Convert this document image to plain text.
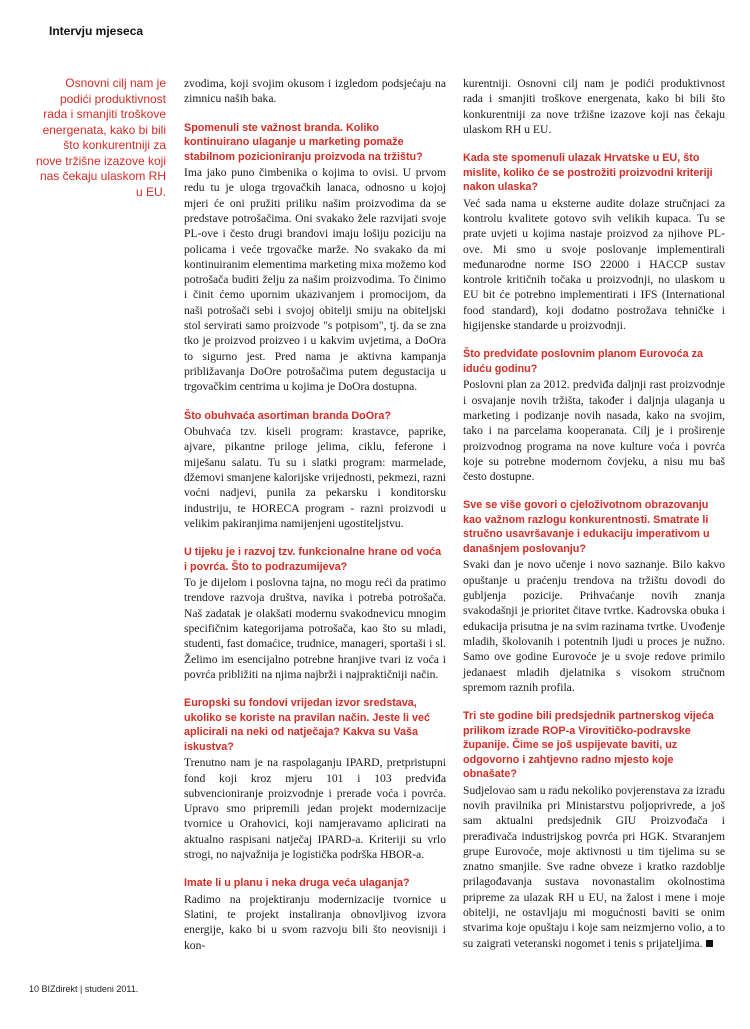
Intervju mjeseca
Osnovni cilj nam je podići produktivnost rada i smanjiti troškove energenata, kako bi bili što konkurentniji za nove tržišne izazove koji nas čekaju ulaskom RH u EU.

zvodima, koji svojim okusom i izgledom podsjećaju na zimnicu naših baka.

Spomenuli ste važnost branda. Koliko kontinuirano ulaganje u marketing pomaže stabilnom pozicioniranju proizvoda na tržištu?

Ima jako puno čimbenika o kojima to ovisi. U prvom redu tu je uloga trgovačkih lanaca, odnosno u kojoj mjeri će oni pružiti priliku našim proizvodima da se predstave potrošačima. Oni svakako žele razvijati svoje PL-ove i često drugi brandovi imaju lošiju poziciju na policama i veće trgovačke marže. No svakako da mi kontinuiranim elementima marketing mixa možemo kod potrošača buditi želju za našim proizvodima. To činimo i činit ćemo upornim ukazivanjem i promocijom, da naši potrošači sebi i svojoj obitelji smiju na obiteljski stol servirati samo proizvode "s potpisom", tj. da se zna tko je proizvod proizveo i u kakvim uvjetima, a DoOra to sigurno jest. Pred nama je aktivna kampanja približavanja DoOre potrošačima putem degustacija u trgovačkim centrima u kojima je DoOra dostupna.

Što obuhvaća asortiman branda DoOra?

Obuhvaća tzv. kiseli program: krastavce, paprike, ajvare, pikantne priloge jelima, ciklu, feferone i miješanu salatu. Tu su i slatki program: marmelade, džemovi smanjene kalorijske vrijednosti, pekmezi, razni voćni nadjevi, punila za pekarsku i konditorsku industriju, te HORECA program - razni proizvodi u velikim pakiranjima namijenjeni ugostiteljstvu.

U tijeku je i razvoj tzv. funkcionalne hrane od voća i povrća. Što to podrazumijeva?

To je dijelom i poslovna tajna, no mogu reći da pratimo trendove razvoja društva, navika i potreba potrošača. Naš zadatak je olakšati modernu svakodnevicu mnogim specifičnim kategorijama potrošača, kao što su mladi, studenti, fast domaćice, trudnice, manageri, sportaši i sl. Želimo im esencijalno potrebne hranjive tvari iz voća i povrća približiti na njima najbrži i najpraktičniji način.

Europski su fondovi vrijedan izvor sredstava, ukoliko se koriste na pravilan način. Jeste li već aplicirali na neki od natječaja? Kakva su Vaša iskustva?

Trenutno nam je na raspolaganju IPARD, pretpristupni fond koji kroz mjeru 101 i 103 predviđa subvencioniranje proizvodnje i prerade voća i povrća. Upravo smo pripremili jedan projekt modernizacije tvornice u Orahovici, koji namjeravamo aplicirati na aktualno raspisani natječaj IPARD-a. Kriteriji su vrlo strogi, no najvažnija je logistička podrška HBOR-a.

Imate li u planu i neka druga veća ulaganja?

Radimo na projektiranju modernizacije tvornice u Slatini, te projekt instaliranja obnovljivog izvora energije, kako bi u svom razvoju bili što neovisniji i kon-

kurentniji. Osnovni cilj nam je podići produktivnost rada i smanjiti troškove energenata, kako bi bili što konkurentniji za nove tržišne izazove koji nas čekaju ulaskom RH u EU.

Kada ste spomenuli ulazak Hrvatske u EU, što mislite, koliko će se postrožiti proizvodni kriteriji nakon ulaska?

Već sada nama u eksterne audite dolaze stručnjaci za kontrolu kvalitete gotovo svih velikih kupaca. Tu se prate uvjeti u kojima nastaje proizvod za njihove PL-ove. Mi smo u svoje poslovanje implementirali međunarodne norme ISO 22000 i HACCP sustav kontrole kritičnih točaka u proizvodnji, no ulaskom u EU bit će potrebno implementirati i IFS (International food standard), koji dodatno postrožava tehničke i higijenske standarde u proizvodnji.

Što predviđate poslovnim planom Eurovoća za iduću godinu?

Poslovni plan za 2012. predviđa daljnji rast proizvodnje i osvajanje novih tržišta, također i daljnja ulaganja u marketing i podizanje novih nasada, kako na svojim, tako i na parcelama kooperanata. Cilj je i proširenje proizvodnog programa na nove kulture voća i povrća koje su potrebne modernom čovjeku, a nisu mu baš često dostupne.

Sve se više govori o cjeloživotnom obrazovanju kao važnom razlogu konkurentnosti. Smatrate li stručno usavršavanje i edukaciju imperativom u današnjem poslovanju?

Svaki dan je novo učenje i novo saznanje. Bilo kakvo opuštanje u praćenju trendova na tržištu dovodi do gubljenja pozicije. Prihvaćanje novih znanja svakodašnji je prioritet čitave tvrtke. Kadrovska obuka i edukacija prisutna je na svim razinama tvrtke. Uvođenje mladih, školovanih i potentnih ljudi u proces je nužno. Samo ove godine Eurovoće je u svoje redove primilo jedanaest mladih djelatnika s visokom stručnom spremom raznih profila.

Tri ste godine bili predsjednik partnerskog vijeća prilikom izrade ROP-a Virovitičko-podravske županije. Čime se još uspijevate baviti, uz odgovorno i zahtjevno radno mjesto koje obnašate?

Sudjelovao sam u radu nekoliko povjerenstava za izradu novih pravilnika pri Ministarstvu poljoprivrede, a još sam aktualni predsjednik GIU Proizvođača i prerađivača industrijskog povrća pri HGK. Stvaranjem grupe Eurovoće, moje aktivnosti u tim tijelima su se znatno smanjile. Sve radne obveze i kratko razdoblje prilagođavanja sustava novonastalim okolnostima pripreme za ulazak RH u EU, na žalost i mene i moje obitelji, ne ostavljaju mi mogućnosti baviti se onim stvarima koje opuštaju i koje sam neizmjerno volio, a to su zaigrati veteranski nogomet i tenis s prijateljima.

10 BIZdirekt | studeni 2011.
